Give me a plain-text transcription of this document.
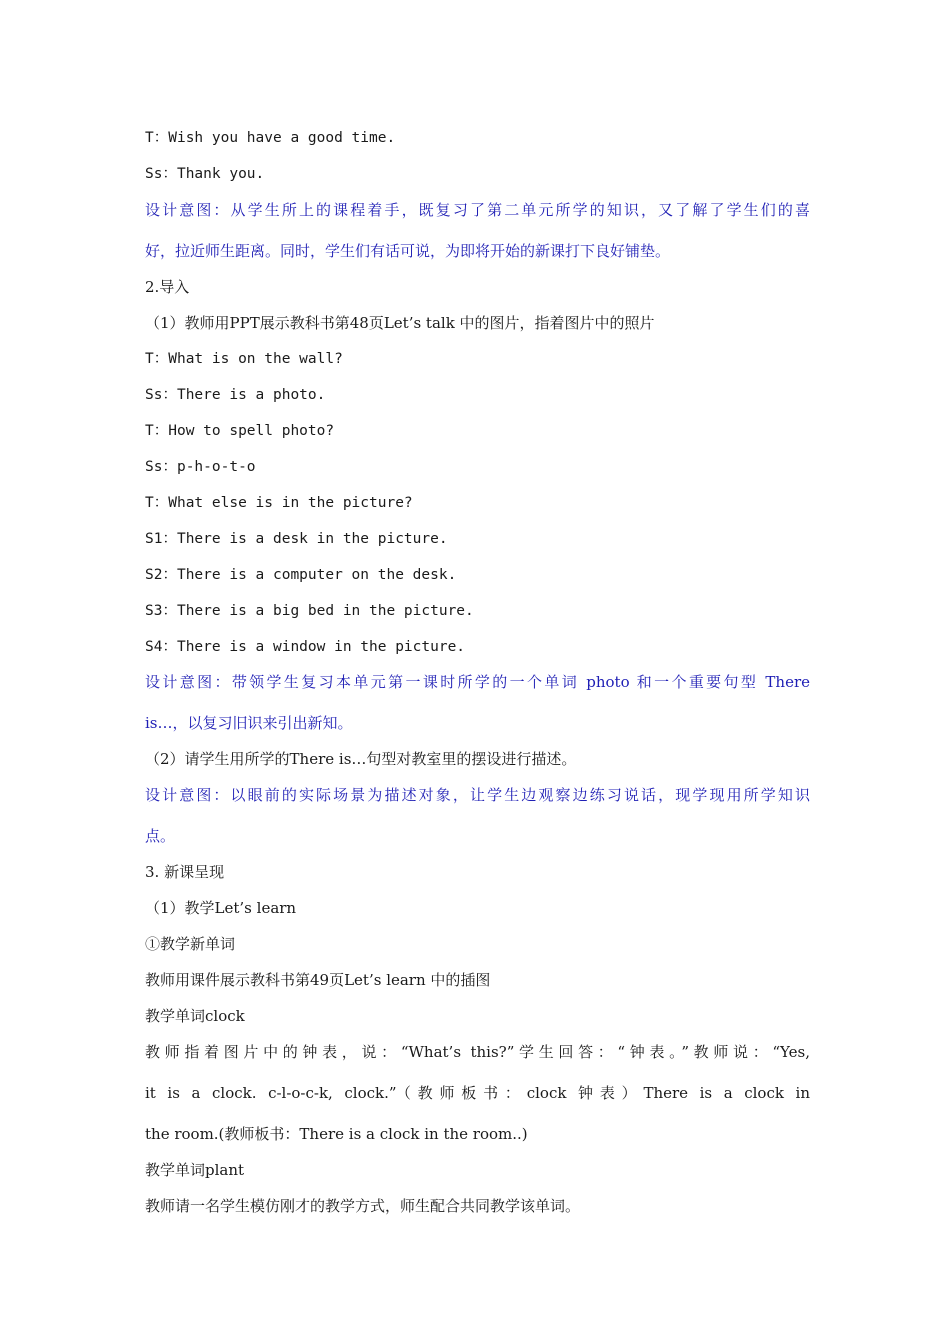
T：Wish you have a good time.
Ss：Thank you.
设计意图：从学生所上的课程着手，既复习了第二单元所学的知识，又了解了学生们的喜
好，拉近师生距离。同时，学生们有话可说，为即将开始的新课打下良好铺垫。
2.导入
（1）教师用PPT展示教科书第48页Let’s talk 中的图片，指着图片中的照片
T：What is on the wall?
Ss：There is a photo.
T：How to spell photo?
Ss：p-h-o-t-o
T：What else is in the picture?
S1：There is a desk in the picture.
S2：There is a computer on the desk.
S3：There is a big bed in the picture.
S4：There is a window in the picture.
设计意图：带领学生复习本单元第一课时所学的一个单词 photo 和一个重要句型 There
is…，以复习旧识来引出新知。
（2）请学生用所学的There is…句型对教室里的摆设进行描述。
设计意图：以眼前的实际场景为描述对象，让学生边观察边练习说话，现学现用所学知识
点。
3. 新课呈现
（1）教学Let’s learn
①教学新单词
教师用课件展示教科书第49页Let’s learn 中的插图
教学单词clock
教师指着图片中的钟表，说：“What’s this?”学生回答：“钟表。”教师说：“Yes,
it is a clock. c-l-o-c-k, clock.”（教师板书：clock 钟表）There is a clock in
the room.(教师板书：There is a clock in the room..)
教学单词plant
教师请一名学生模仿刚才的教学方式，师生配合共同教学该单词。
